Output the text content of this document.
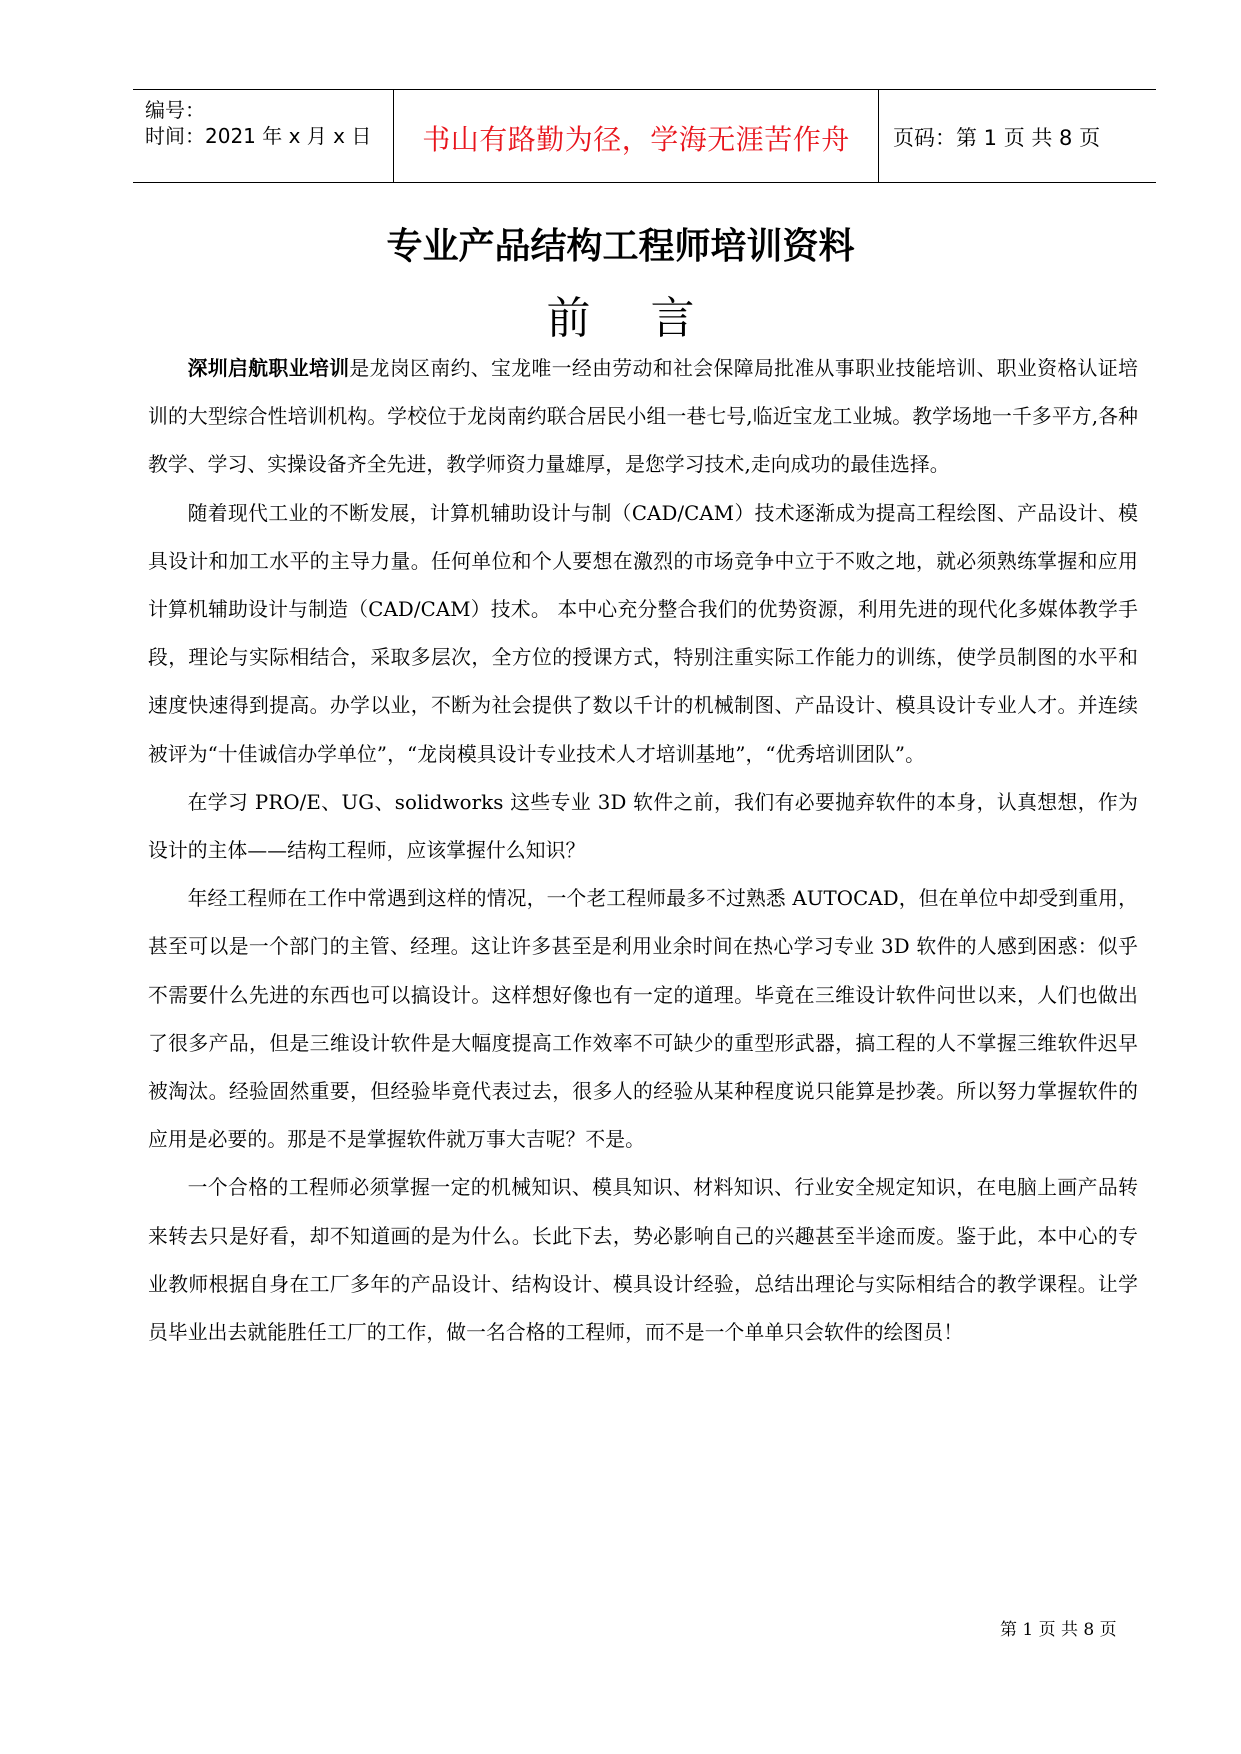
编号：
时间：2021 年 x 月 x 日	书山有路勤为径，学海无涯苦作舟	页码：第 1 页 共 8 页
专业产品结构工程师培训资料
前言

深圳启航职业培训是龙岗区南约、宝龙唯一经由劳动和社会保障局批准从事职业技能培训、职业资格认证培训的大型综合性培训机构。学校位于龙岗南约联合居民小组一巷七号,临近宝龙工业城。教学场地一千多平方,各种教学、学习、实操设备齐全先进，教学师资力量雄厚，是您学习技术,走向成功的最佳选择。

随着现代工业的不断发展，计算机辅助设计与制（CAD/CAM）技术逐渐成为提高工程绘图、产品设计、模具设计和加工水平的主导力量。任何单位和个人要想在激烈的市场竞争中立于不败之地，就必须熟练掌握和应用计算机辅助设计与制造（CAD/CAM）技术。 本中心充分整合我们的优势资源，利用先进的现代化多媒体教学手段，理论与实际相结合，采取多层次，全方位的授课方式，特别注重实际工作能力的训练，使学员制图的水平和速度快速得到提高。办学以业，不断为社会提供了数以千计的机械制图、产品设计、模具设计专业人才。并连续被评为“十佳诚信办学单位”，“龙岗模具设计专业技术人才培训基地”，“优秀培训团队”。

在学习 PRO/E、UG、solidworks 这些专业 3D 软件之前，我们有必要抛弃软件的本身，认真想想，作为设计的主体——结构工程师，应该掌握什么知识？

年经工程师在工作中常遇到这样的情况，一个老工程师最多不过熟悉 AUTOCAD，但在单位中却受到重用，甚至可以是一个部门的主管、经理。这让许多甚至是利用业余时间在热心学习专业 3D 软件的人感到困惑：似乎不需要什么先进的东西也可以搞设计。这样想好像也有一定的道理。毕竟在三维设计软件问世以来，人们也做出了很多产品，但是三维设计软件是大幅度提高工作效率不可缺少的重型形武器，搞工程的人不掌握三维软件迟早被淘汰。经验固然重要，但经验毕竟代表过去，很多人的经验从某种程度说只能算是抄袭。所以努力掌握软件的应用是必要的。那是不是掌握软件就万事大吉呢？不是。

一个合格的工程师必须掌握一定的机械知识、模具知识、材料知识、行业安全规定知识，在电脑上画产品转来转去只是好看，却不知道画的是为什么。长此下去，势必影响自己的兴趣甚至半途而废。鉴于此，本中心的专业教师根据自身在工厂多年的产品设计、结构设计、模具设计经验，总结出理论与实际相结合的教学课程。让学员毕业出去就能胜任工厂的工作，做一名合格的工程师，而不是一个单单只会软件的绘图员！

第 1 页 共 8 页
